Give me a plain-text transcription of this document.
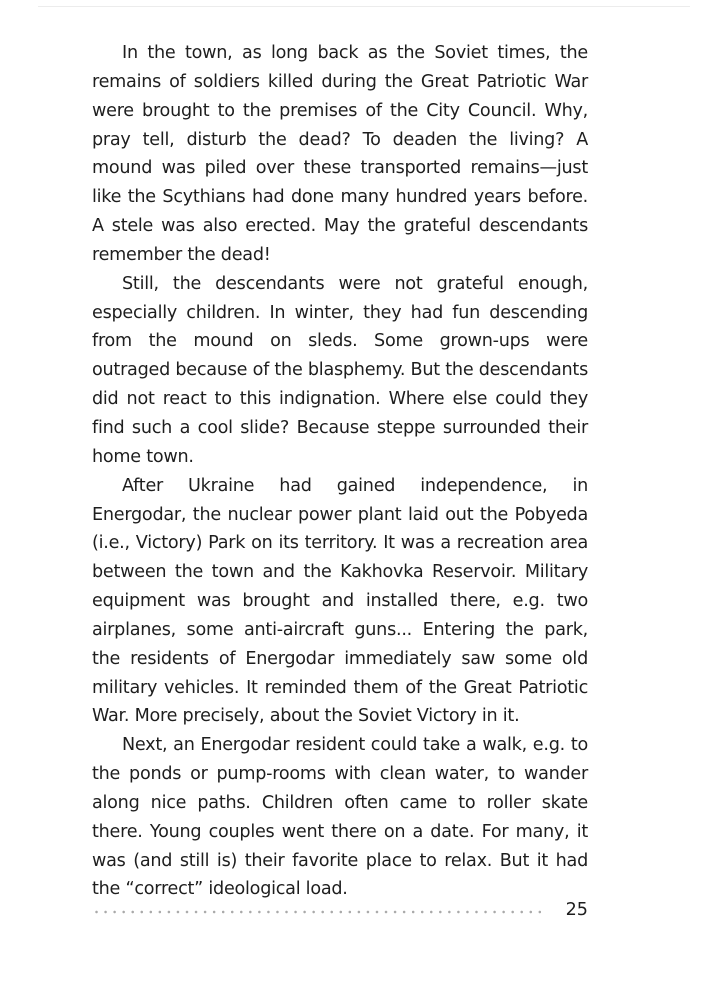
In the town, as long back as the Soviet times, the remains of soldiers killed during the Great Patriotic War were brought to the premises of the City Council. Why, pray tell, disturb the dead? To deaden the living? A mound was piled over these transported remains—just like the Scythians had done many hundred years before. A stele was also erected. May the grateful descendants remember the dead!

Still, the descendants were not grateful enough, especially children. In winter, they had fun descending from the mound on sleds. Some grown-ups were outraged because of the blasphemy. But the descendants did not react to this indignation. Where else could they find such a cool slide? Because steppe surrounded their home town.

After Ukraine had gained independence, in Energodar, the nuclear power plant laid out the Pobyeda (i.e., Victory) Park on its territory. It was a recreation area between the town and the Kakhovka Reservoir. Military equipment was brought and installed there, e.g. two airplanes, some anti-aircraft guns... Entering the park, the residents of Energodar immediately saw some old military vehicles. It reminded them of the Great Patriotic War. More precisely, about the Soviet Victory in it.

Next, an Energodar resident could take a walk, e.g. to the ponds or pump-rooms with clean water, to wander along nice paths. Children often came to roller skate there. Young couples went there on a date. For many, it was (and still is) their favorite place to relax. But it had the “correct” ideological load.

25
